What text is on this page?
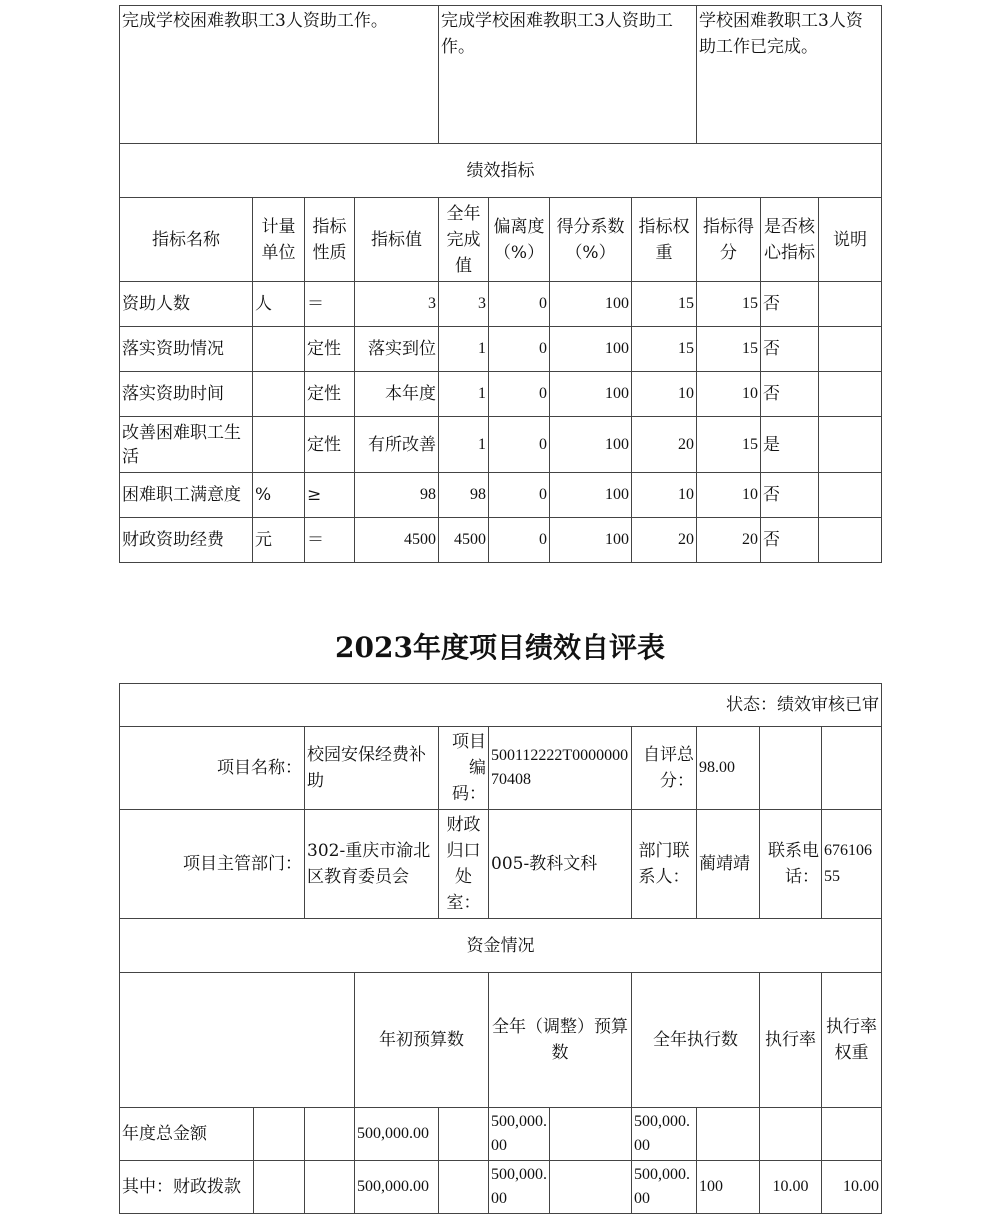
完成学校困难教职工3人资助工作。				完成学校困难教职工3人资助工作。				学校困难教职工3人资助工作已完成。		
绩效指标										
指标名称	计量单位	指标性质	指标值	全年完成值	偏离度（%）	得分系数（%）	指标权重	指标得分	是否核心指标	说明
资助人数	人	＝	3	3	0	100	15	15	否	
落实资助情况		定性	落实到位	1	0	100	15	15	否	
落实资助时间		定性	本年度	1	0	100	10	10	否	
改善困难职工生活		定性	有所改善	1	0	100	20	15	是	
困难职工满意度	%	≥	98	98	0	100	10	10	否	
财政资助经费	元	＝	4500	4500	0	100	20	20	否	
2023年度项目绩效自评表
状态：绩效审核已审											
项目名称：		校园安保经费补助		项目编码：	500112222T000000070408		自评总分：	98.00			
项目主管部门：		302-重庆市渝北区教育委员会		财政归口处室：	005-教科文科		部门联系人：	蔺靖靖	联系电话：	67610655	
资金情况											
			年初预算数		全年（调整）预算数		全年执行数		执行率	执行率权重	
年度总金额			500,000.00		500,000.00		500,000.00				
其中：财政拨款			500,000.00		500,000.00		500,000.00	100	10.00	10.00	
